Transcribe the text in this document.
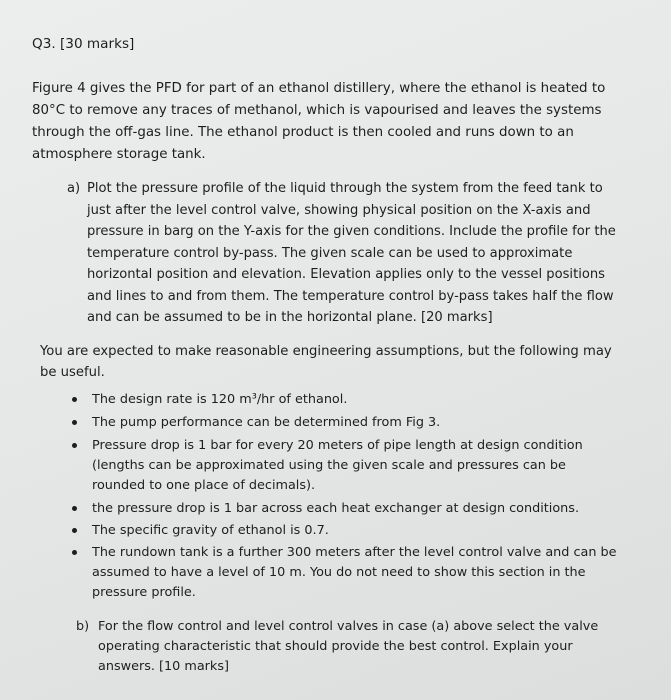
Q3. [30 marks]
Figure 4 gives the PFD for part of an ethanol distillery, where the ethanol is heated to
80°C to remove any traces of methanol, which is vapourised and leaves the systems
through the off-gas line. The ethanol product is then cooled and runs down to an
atmosphere storage tank.
a) Plot the pressure profile of the liquid through the system from the feed tank to
just after the level control valve, showing physical position on the X-axis and
pressure in barg on the Y-axis for the given conditions. Include the profile for the
temperature control by-pass. The given scale can be used to approximate
horizontal position and elevation. Elevation applies only to the vessel positions
and lines to and from them. The temperature control by-pass takes half the flow
and can be assumed to be in the horizontal plane. [20 marks]
You are expected to make reasonable engineering assumptions, but the following may
be useful.
The design rate is 120 m³/hr of ethanol.
The pump performance can be determined from Fig 3.
Pressure drop is 1 bar for every 20 meters of pipe length at design condition
(lengths can be approximated using the given scale and pressures can be
rounded to one place of decimals).
the pressure drop is 1 bar across each heat exchanger at design conditions.
The specific gravity of ethanol is 0.7.
The rundown tank is a further 300 meters after the level control valve and can be
assumed to have a level of 10 m. You do not need to show this section in the
pressure profile.
b) For the flow control and level control valves in case (a) above select the valve
operating characteristic that should provide the best control. Explain your
answers. [10 marks]
